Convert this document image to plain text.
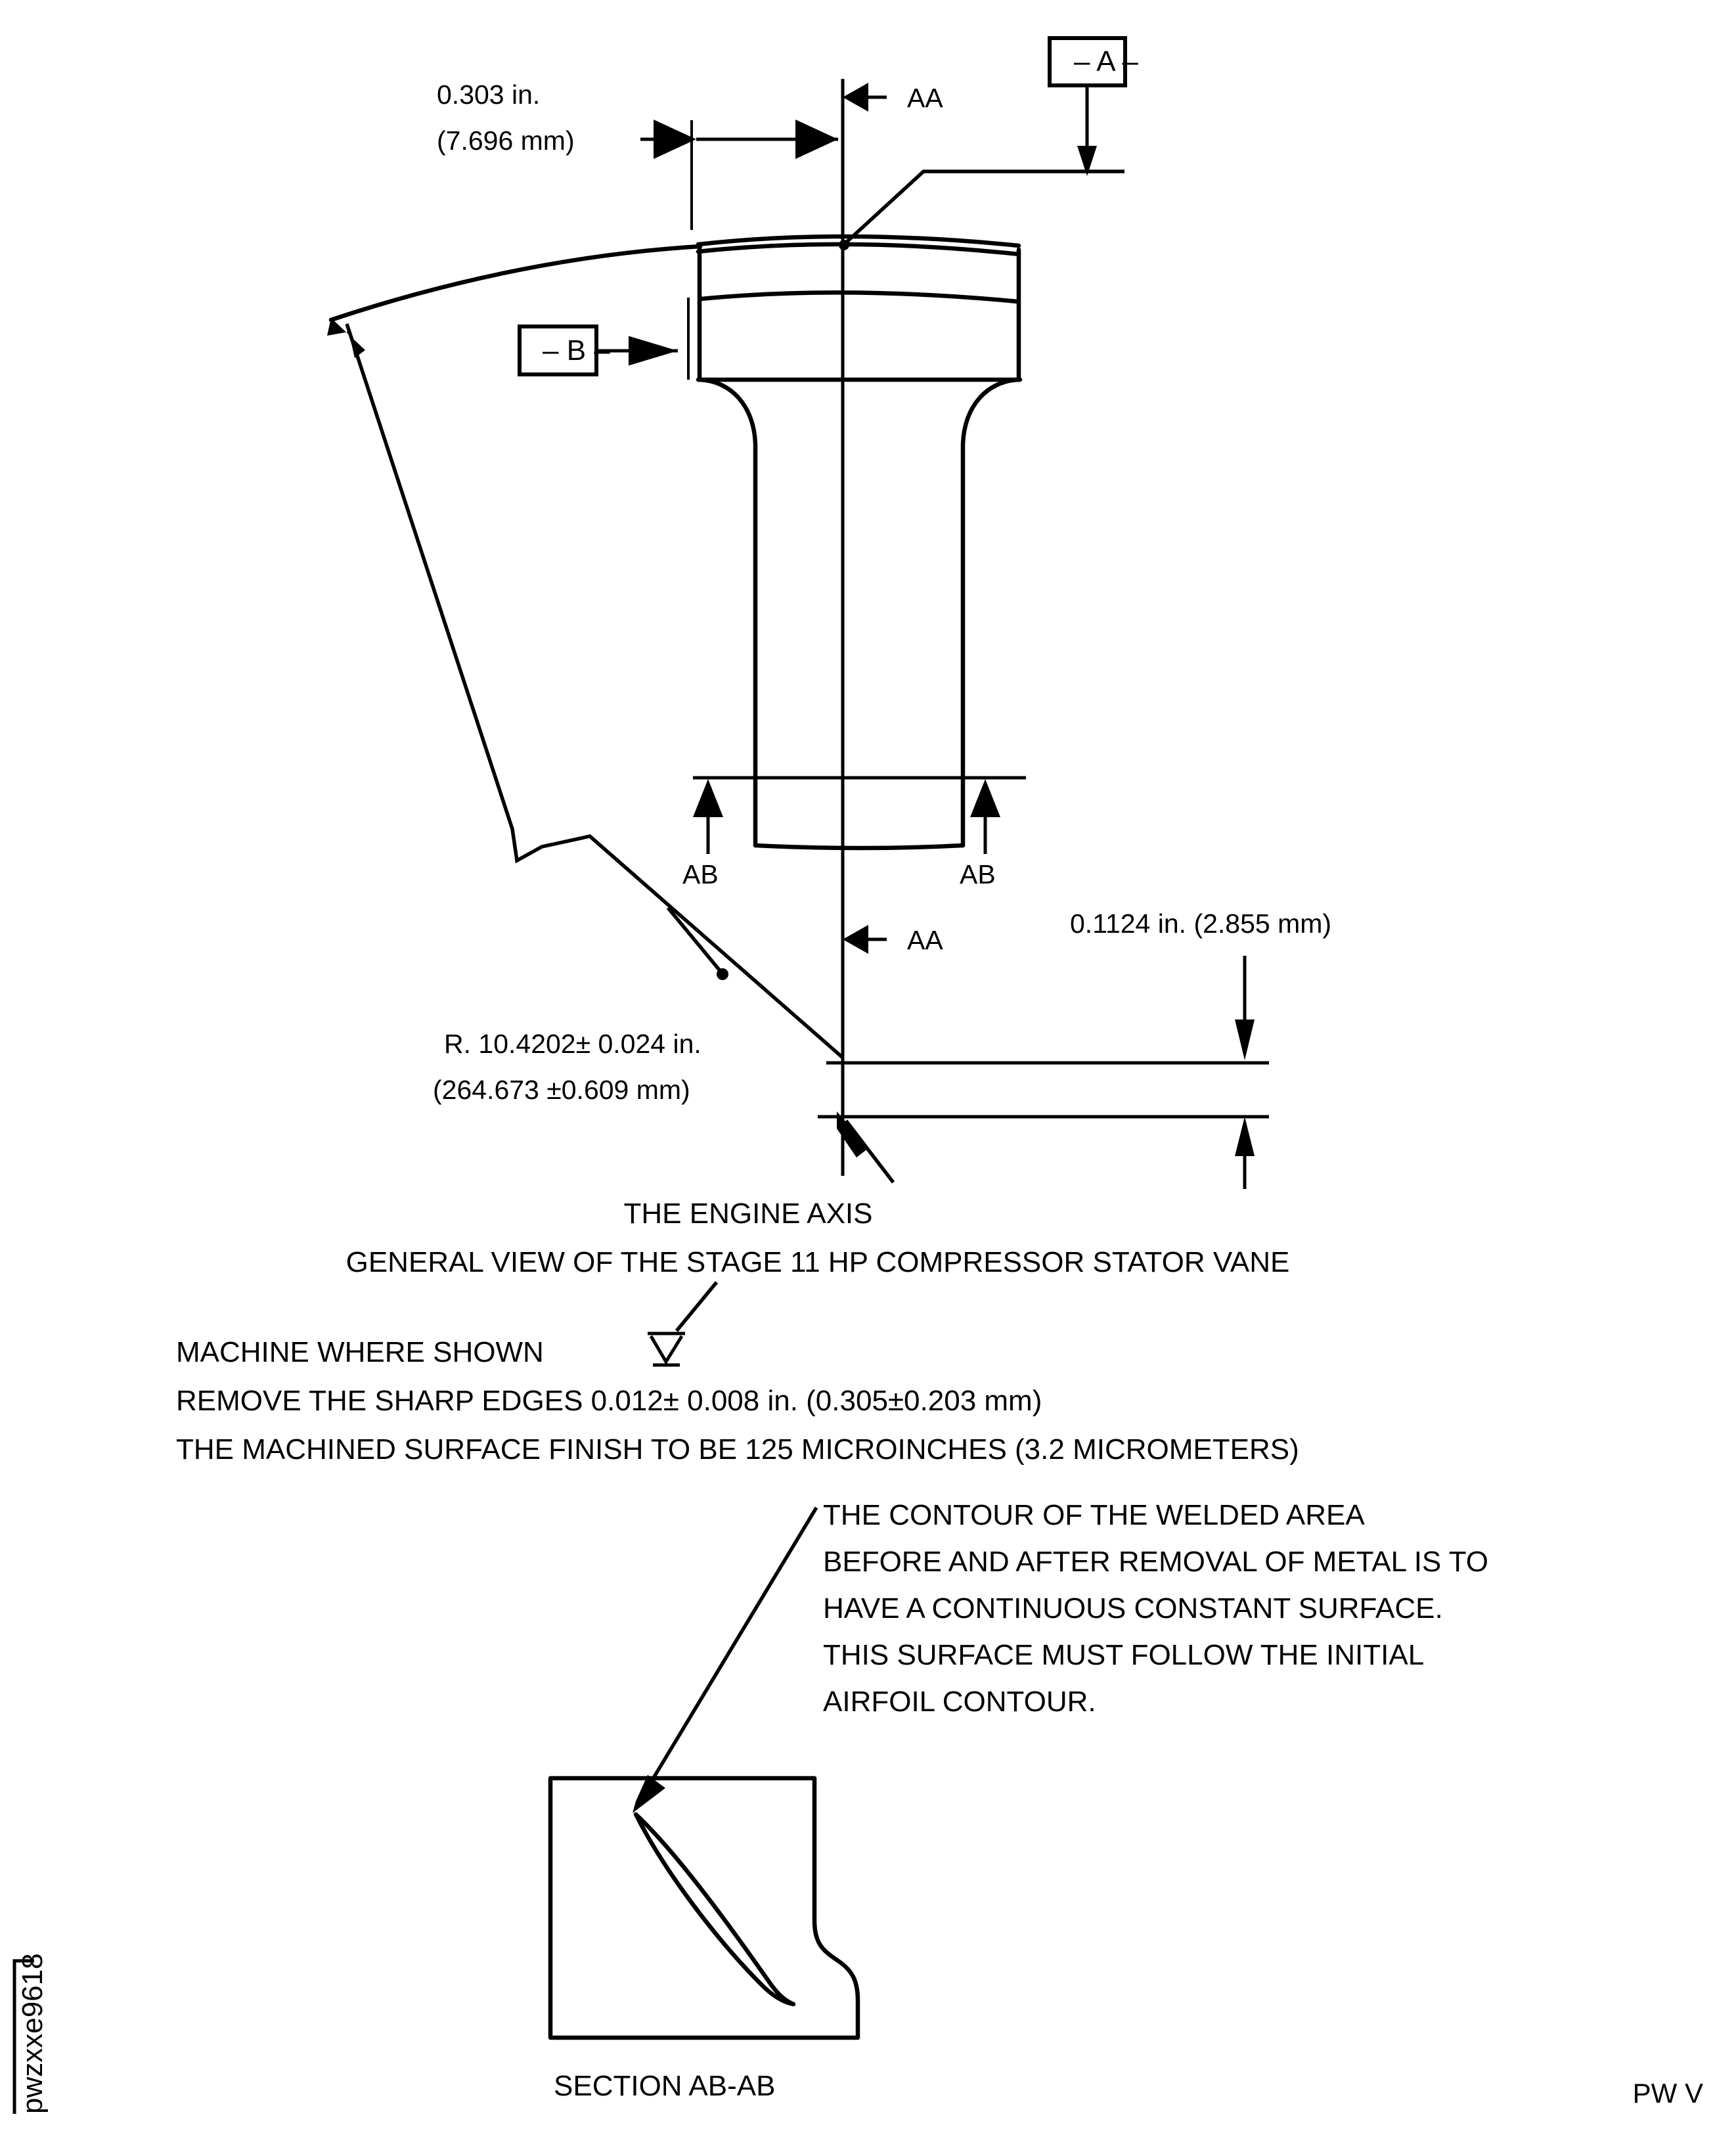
R. 10.4202± 0.024 in.
(264.673 ±0.609 mm)
0.303 in.
(7.696 mm)
AA
– A –
– B –
AB	AB
AA
0.1124 in. (2.855 mm)
THE ENGINE AXIS
GENERAL VIEW OF THE STAGE 11 HP COMPRESSOR STATOR VANE
MACHINE WHERE SHOWN
REMOVE THE SHARP EDGES 0.012± 0.008 in. (0.305±0.203 mm)
THE MACHINED SURFACE FINISH TO BE 125 MICROINCHES (3.2 MICROMETERS)
THE CONTOUR OF THE WELDED AREA
BEFORE AND AFTER REMOVAL OF METAL IS TO
HAVE A CONTINUOUS CONSTANT SURFACE.
THIS SURFACE MUST FOLLOW THE INITIAL
AIRFOIL CONTOUR.
SECTION AB-AB
pwzxxe9618	PW V
